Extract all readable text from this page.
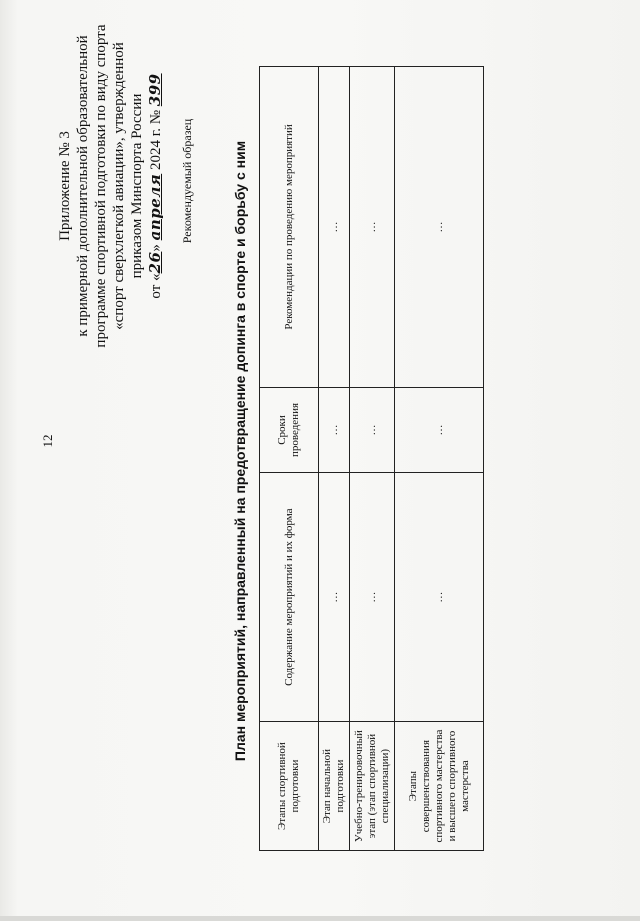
12
Приложение № 3 к примерной дополнительной образовательной программе спортивной подготовки по виду спорта «спорт сверхлегкой авиации», утвержденной приказом Минспорта России
от «26» апреля 2024 г. № 399
Рекомендуемый образец	План мероприятий, направленный на предотвращение допинга в спорте и борьбу с ним
Этапы спортивной подготовки	Содержание мероприятий и их форма	Сроки проведения	Рекомендации по проведению мероприятий
Этап начальной подготовки	…	…	…
Учебно-тренировочный этап (этап спортивной специализации)	…	…	…
Этапы совершенствования спортивного мастерства и высшего спортивного мастерства	…	…	…
